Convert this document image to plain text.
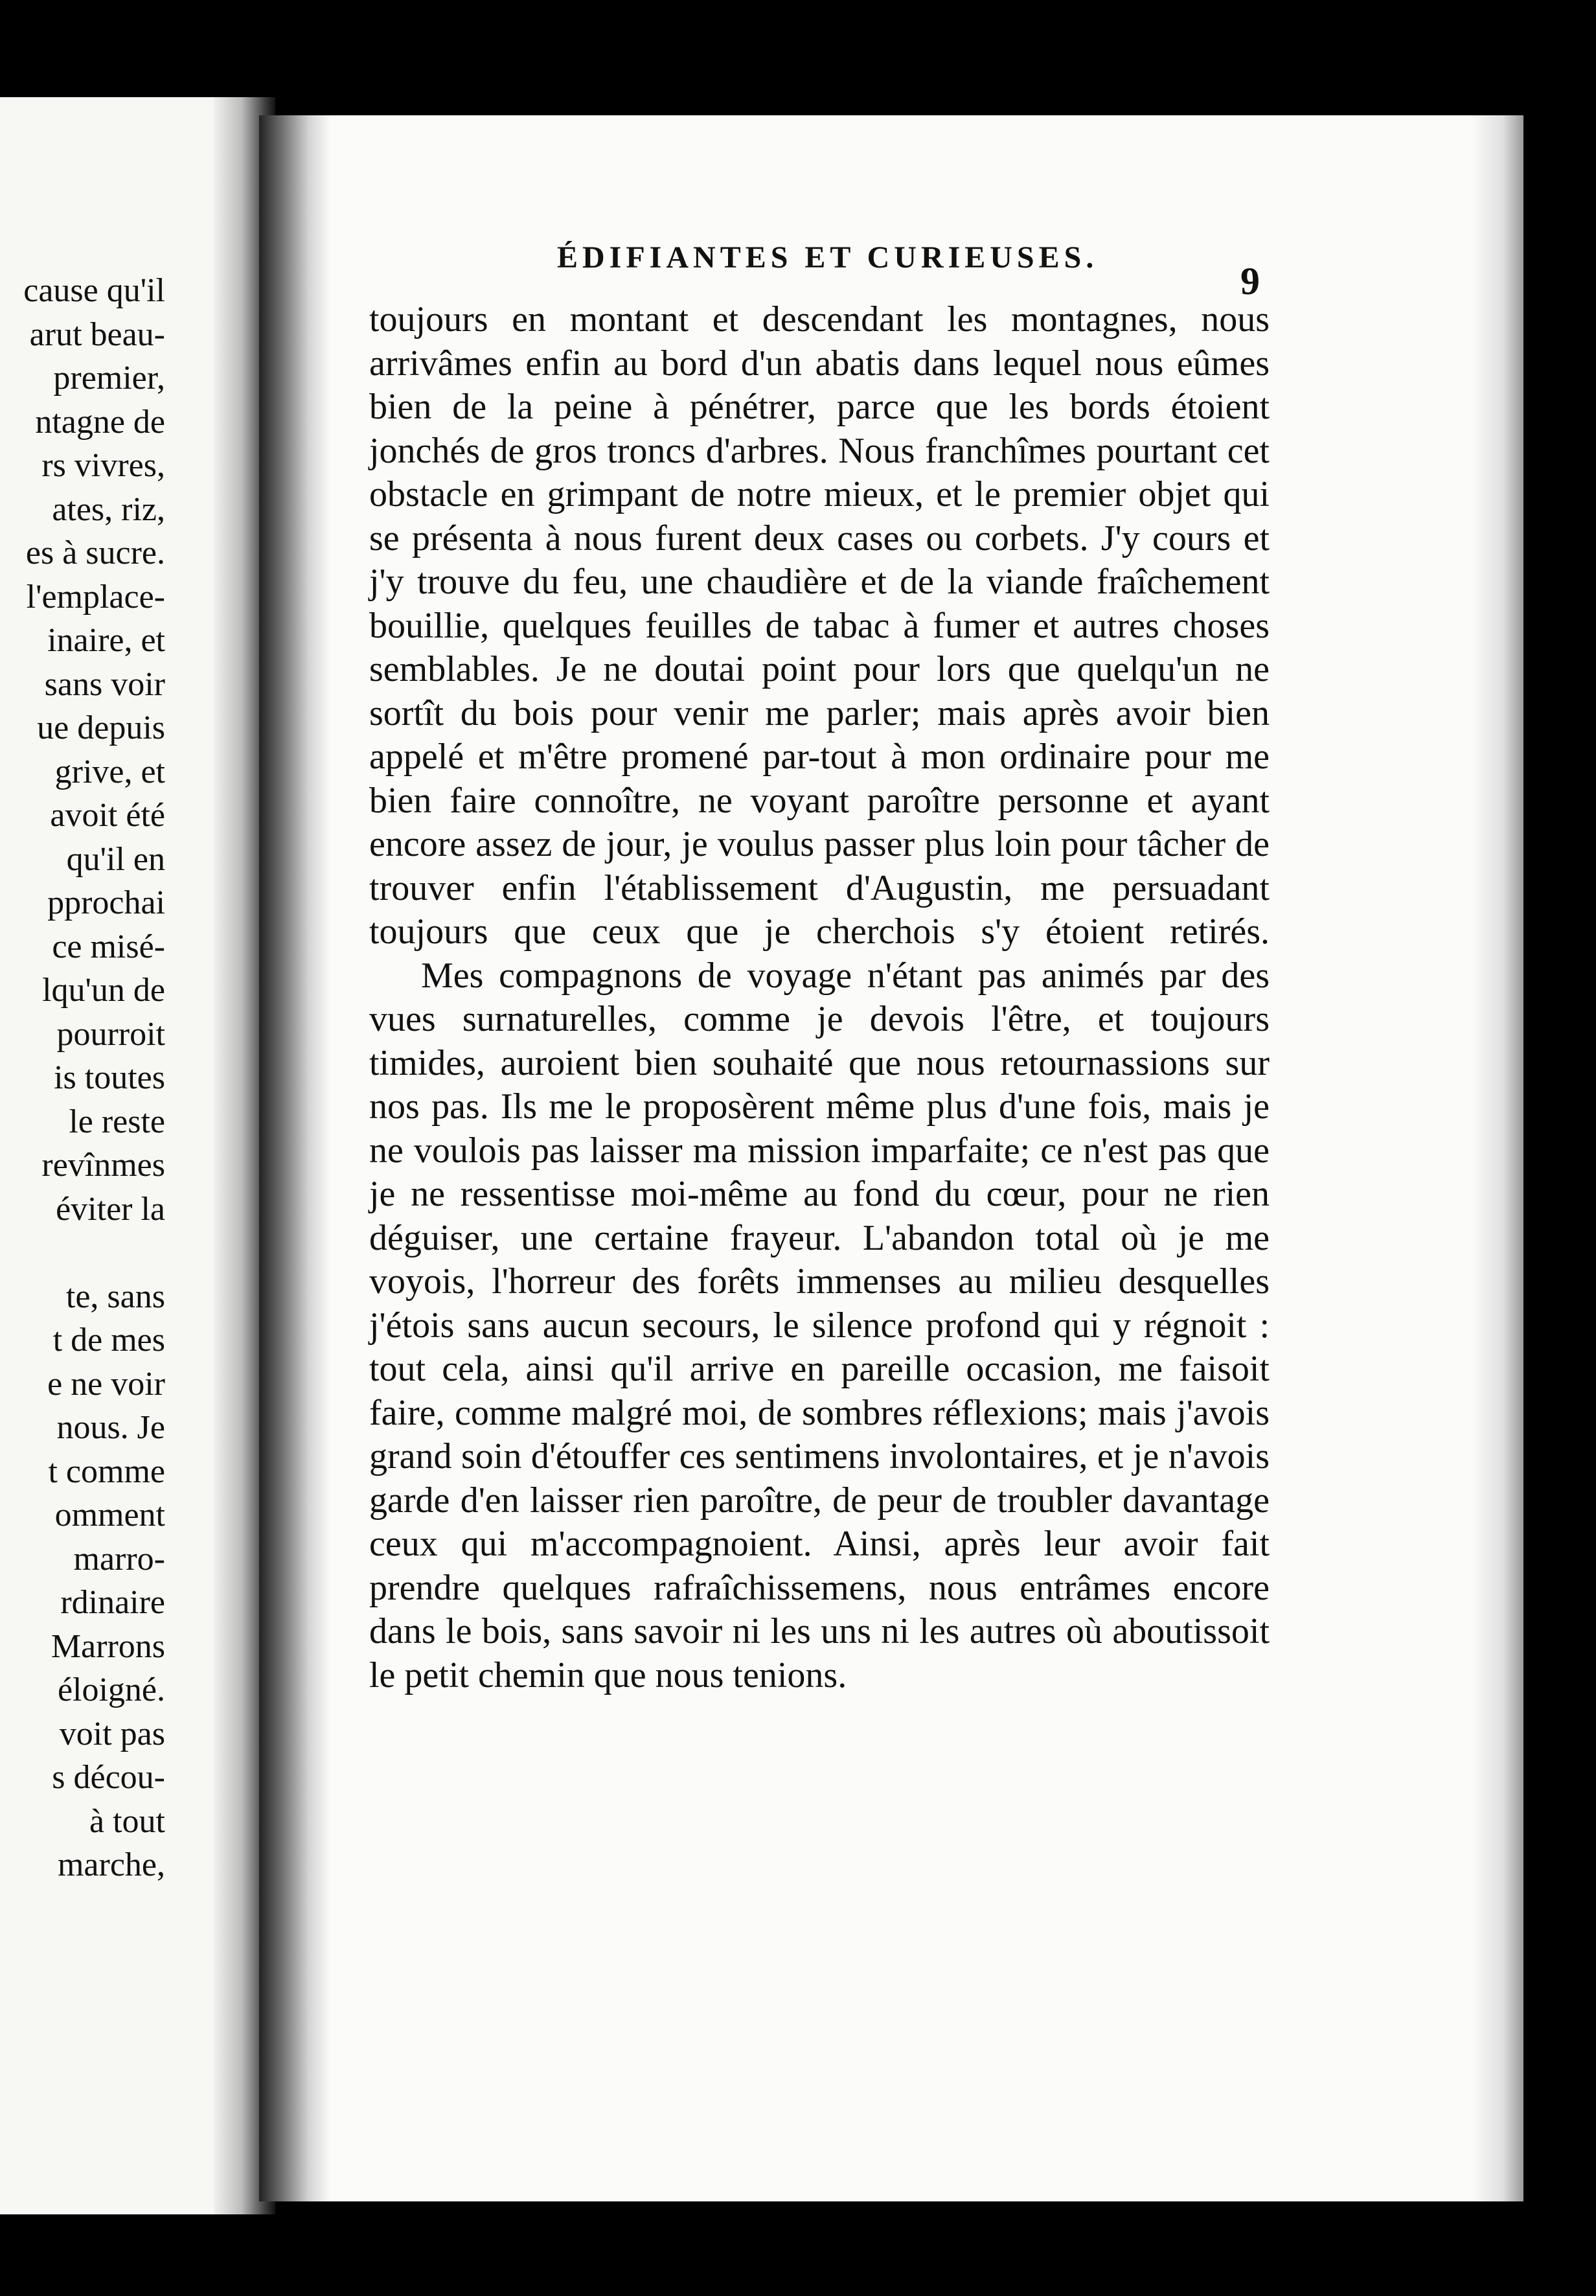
cause qu'il
arut beau-
premier,
ntagne de
rs vivres,
ates, riz,
es à sucre.
l'emplace-
inaire, et
sans voir
ue depuis
grive, et
avoit été
qu'il en
pprochai
ce misé-
lqu'un de
pourroit
is toutes
le reste
revînmes
éviter la
te, sans
t de mes
e ne voir
nous. Je
t comme
omment
marro-
rdinaire
Marrons
éloigné.
voit pas
s décou-
à tout
marche,
ÉDIFIANTES ET CURIEUSES.
9

toujours en montant et descendant les montagnes, nous arrivâmes enfin au bord d'un abatis dans lequel nous eûmes bien de la peine à pénétrer, parce que les bords étoient jonchés de gros troncs d'arbres. Nous franchîmes pourtant cet obstacle en grimpant de notre mieux, et le premier objet qui se présenta à nous furent deux cases ou corbets. J'y cours et j'y trouve du feu, une chaudière et de la viande fraîchement bouillie, quelques feuilles de tabac à fumer et autres choses semblables. Je ne doutai point pour lors que quelqu'un ne sortît du bois pour venir me parler; mais après avoir bien appelé et m'être promené par-tout à mon ordinaire pour me bien faire connoître, ne voyant paroître personne et ayant encore assez de jour, je voulus passer plus loin pour tâcher de trouver enfin l'établissement d'Augustin, me persuadant toujours que ceux que je cherchois s'y étoient retirés.

Mes compagnons de voyage n'étant pas animés par des vues surnaturelles, comme je devois l'être, et toujours timides, auroient bien souhaité que nous retournassions sur nos pas. Ils me le proposèrent même plus d'une fois, mais je ne voulois pas laisser ma mission imparfaite; ce n'est pas que je ne ressentisse moi-même au fond du cœur, pour ne rien déguiser, une certaine frayeur. L'abandon total où je me voyois, l'horreur des forêts immenses au milieu desquelles j'étois sans aucun secours, le silence profond qui y régnoit : tout cela, ainsi qu'il arrive en pareille occasion, me faisoit faire, comme malgré moi, de sombres réflexions; mais j'avois grand soin d'étouffer ces sentimens involontaires, et je n'avois garde d'en laisser rien paroître, de peur de troubler davantage ceux qui m'accompagnoient. Ainsi, après leur avoir fait prendre quelques rafraîchissemens, nous entrâmes encore dans le bois, sans savoir ni les uns ni les autres où aboutissoit le petit chemin que nous tenions.
